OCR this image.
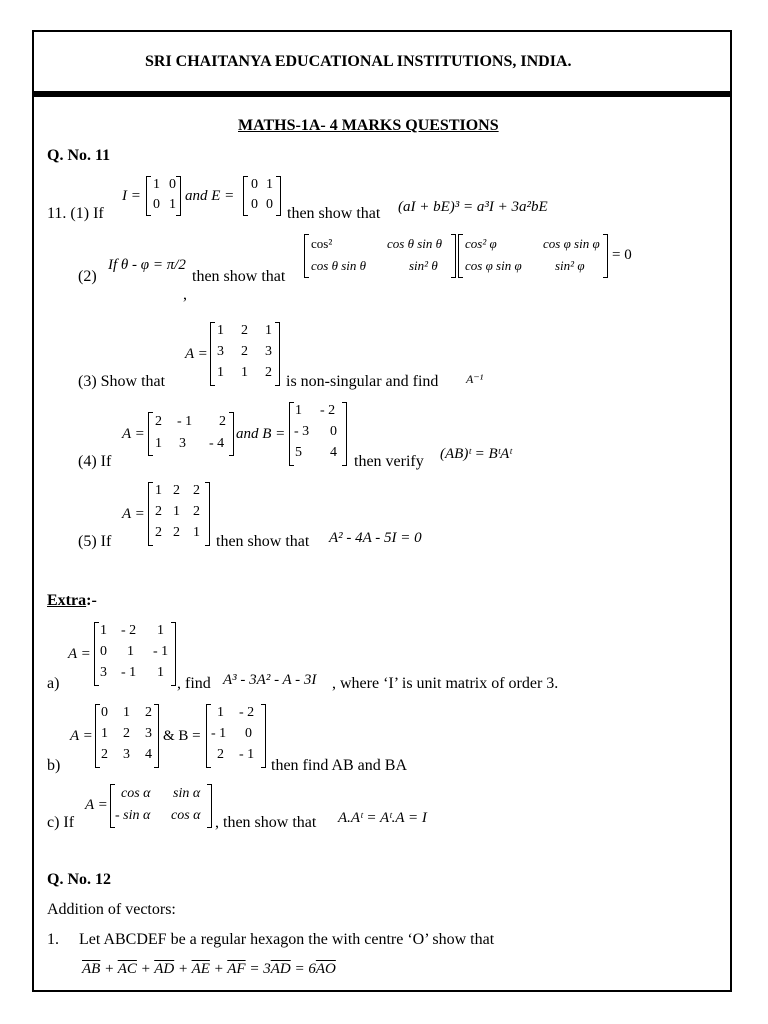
SRI CHAITANYA EDUCATIONAL INSTITUTIONS, INDIA.
MATHS-1A- 4 MARKS QUESTIONS
Q. No. 11
11. (1) If
I =
1 0
0 1
and E =
0 1
0 0
then show that (aI + bE)³ = a³I + 3a²bE
(2)
If θ - φ = π/2
,
then show that
cos²	cos θ sin θ
cos θ sin θ	sin² θ
cos² φ	cos φ sin φ
cos φ sin φ	sin² φ
= 0
(3) Show that
A =
1 2 1
3 2 3
1 1 2
is non-singular and find A⁻¹
(4) If
A =
2 - 1 2
1 3 - 4
and B =
1 - 2
- 3 0
5 4
then verify (AB)ᵗ = BᵗAᵗ
(5) If
A =
1 2 2
2 1 2
2 2 1
then show that A² - 4A - 5I = 0
Extra:-
a)
A =
1 - 2 1
0 1 - 1
3 - 1 1
, find A³ - 3A² - A - 3I , where ‘I’ is unit matrix of order 3.
b)
A =
0 1 2
1 2 3
2 3 4
& B =
1 - 2
- 1 0
2 - 1
then find AB and BA
c) If
A =
cos α sin α
- sin α cos α , then show that A.Aᵗ = Aᵗ.A = I
Q. No. 12
Addition of vectors:
1. Let ABCDEF be a regular hexagon the with centre ‘O’ show that
$\overline{AB} + \overline{AC} + \overline{AD} + \overline{AE} + \overline{AF} = 3\overline{AD} = 6\overline{AO}$
